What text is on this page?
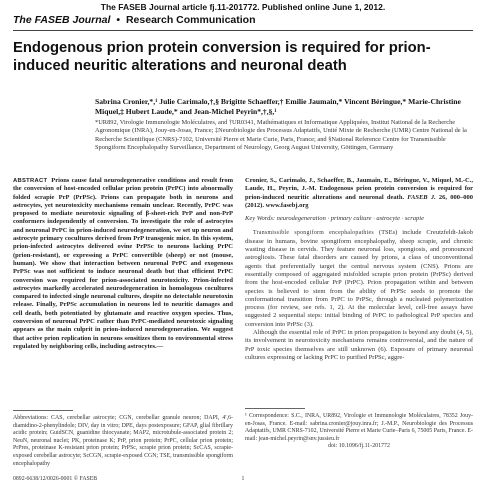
The FASEB Journal article fj.11-201772. Published online June 1, 2012.
The FASEB Journal • Research Communication
Endogenous prion protein conversion is required for prion-induced neuritic alterations and neuronal death
Sabrina Cronier,*,¹ Julie Carimalo,†,§ Brigitte Schaeffer,† Emilie Jaumain,* Vincent Béringue,* Marie-Christine Miquel,‡ Hubert Laude,* and Jean-Michel Peyrin*,†,§,¹
*UR892, Virologie Immunologie Moléculaires, and †UR0341, Mathématiques et Informatique Appliquées, Institut National de la Recherche Agronomique (INRA), Jouy-en-Josas, France; ‡Neurobiologie des Processus Adaptatifs, Unité Mixte de Recherche (UMR) Centre National de la Recherche Scientifique (CNRS)-7102, Université Pierre et Marie Curie, Paris, France; and §National Reference Centre for Transmissible Spongiform Encephalopathy Surveillance, Department of Neurology, Georg August University, Göttingen, Germany
ABSTRACT Prions cause fatal neurodegenerative conditions and result from the conversion of host-encoded cellular prion protein (PrPC) into abnormally folded scrapie PrP (PrPSc). Prions can propagate both in neurons and astrocytes, yet neurotoxicity mechanisms remain unclear. Recently, PrPC was proposed to mediate neurotoxic signaling of β-sheet-rich PrP and non-PrP conformers independently of conversion. To investigate the role of astrocytes and neuronal PrPC in prion-induced neurodegeneration, we set up neuron and astrocyte primary cocultures derived from PrP transgenic mice. In this system, prion-infected astrocytes delivered ovine PrPSc to neurons lacking PrPC (prion-resistant), or expressing a PrPC convertible (sheep) or not (mouse, human). We show that interaction between neuronal PrPC and exogenous PrPSc was not sufficient to induce neuronal death but that efficient PrPC conversion was required for prion-associated neurotoxicity. Prion-infected astrocytes markedly accelerated neurodegeneration in homologous cocultures compared to infected single neuronal cultures, despite no detectable neurotoxin release. Finally, PrPSc accumulation in neurons led to neuritic damages and cell death, both potentiated by glutamate and reactive oxygen species. Thus, conversion of neuronal PrPC rather than PrPC-mediated neurotoxic signaling appears as the main culprit in prion-induced neurodegeneration. We suggest that active prion replication in neurons sensitizes them to environmental stress regulated by neighboring cells, including astrocytes.—
Cronier, S., Carimalo, J., Schaeffer, B., Jaumain, E., Béringue, V., Miquel, M.-C., Laude, H., Peyrin, J.-M. Endogenous prion protein conversion is required for prion-induced neuritic alterations and neuronal death. FASEB J. 26, 000–000 (2012). www.fasebj.org
Key Words: neurodegeneration · primary culture · astrocyte · scrapie
Transmissible spongiform encephalopathies (TSEs) include Creutzfeldt-Jakob disease in humans, bovine spongiform encephalopathy, sheep scrapie, and chronic wasting disease in cervids. They feature neuronal loss, spongiosis, and pronounced astrogliosis. These fatal disorders are caused by prions, a class of unconventional agents that preferentially target the central nervous system (CNS). Prions are essentially composed of aggregated misfolded scrapie prion protein (PrPSc) derived from the host-encoded cellular PrP (PrPC). Prion propagation within and between species is believed to stem from the ability of PrPSc seeds to promote the conformational transition from PrPC to PrPSc, through a nucleated polymerization process (for review, see refs. 1, 2). At the molecular level, cell-free assays have suggested 2 sequential steps: initial binding of PrPC to pathological PrP species and conversion into PrPSc (3).
Although the essential role of PrPC in prion propagation is beyond any doubt (4, 5), its involvement in neurotoxicity mechanisms remains controversial, and the nature of PrP toxic species themselves are still unknown (6). Exposure of primary neuronal cultures expressing or lacking PrPC to purified PrPSc, aggre-
Abbreviations: CAS, cerebellar astrocyte; CGN, cerebellar granule neuron; DAPI, 4′,6-diamidino-2-phenylindole; DIV, day in vitro; DPE, days postexposure; GFAP, glial fibrillary acidic protein; GuidSCN, guanidine thiocyanate; MAP2, microtubule-associated protein 2; NeuN, neuronal nuclei; PK, proteinase K; PrP, prion protein; PrPC, cellular prion protein; PrPres, proteinase K-resistant prion protein; PrPSc, scrapie prion protein; ScCAS, scrapie-exposed cerebellar astrocyte; ScCGN, scrapie-exposed CGN; TSE, transmissible spongiform encephalopathy
¹ Correspondence: S.C., INRA, UR892, Virologie et Immunologie Moléculaires, 78352 Jouy-en-Josas, France. E-mail: sabrina.cronier@jouy.inra.fr; J.-M.P., Neurobiologie des Processus Adaptatifs, UMR CNRS-7102, Université Pierre et Marie Curie–Paris 6, 75005 Paris, France. E-mail: jean-michel.peyrin@snv.jussieu.fr
doi: 10.1096/fj.11-201772
0892-6638/12/0026-0001 © FASEB	1
